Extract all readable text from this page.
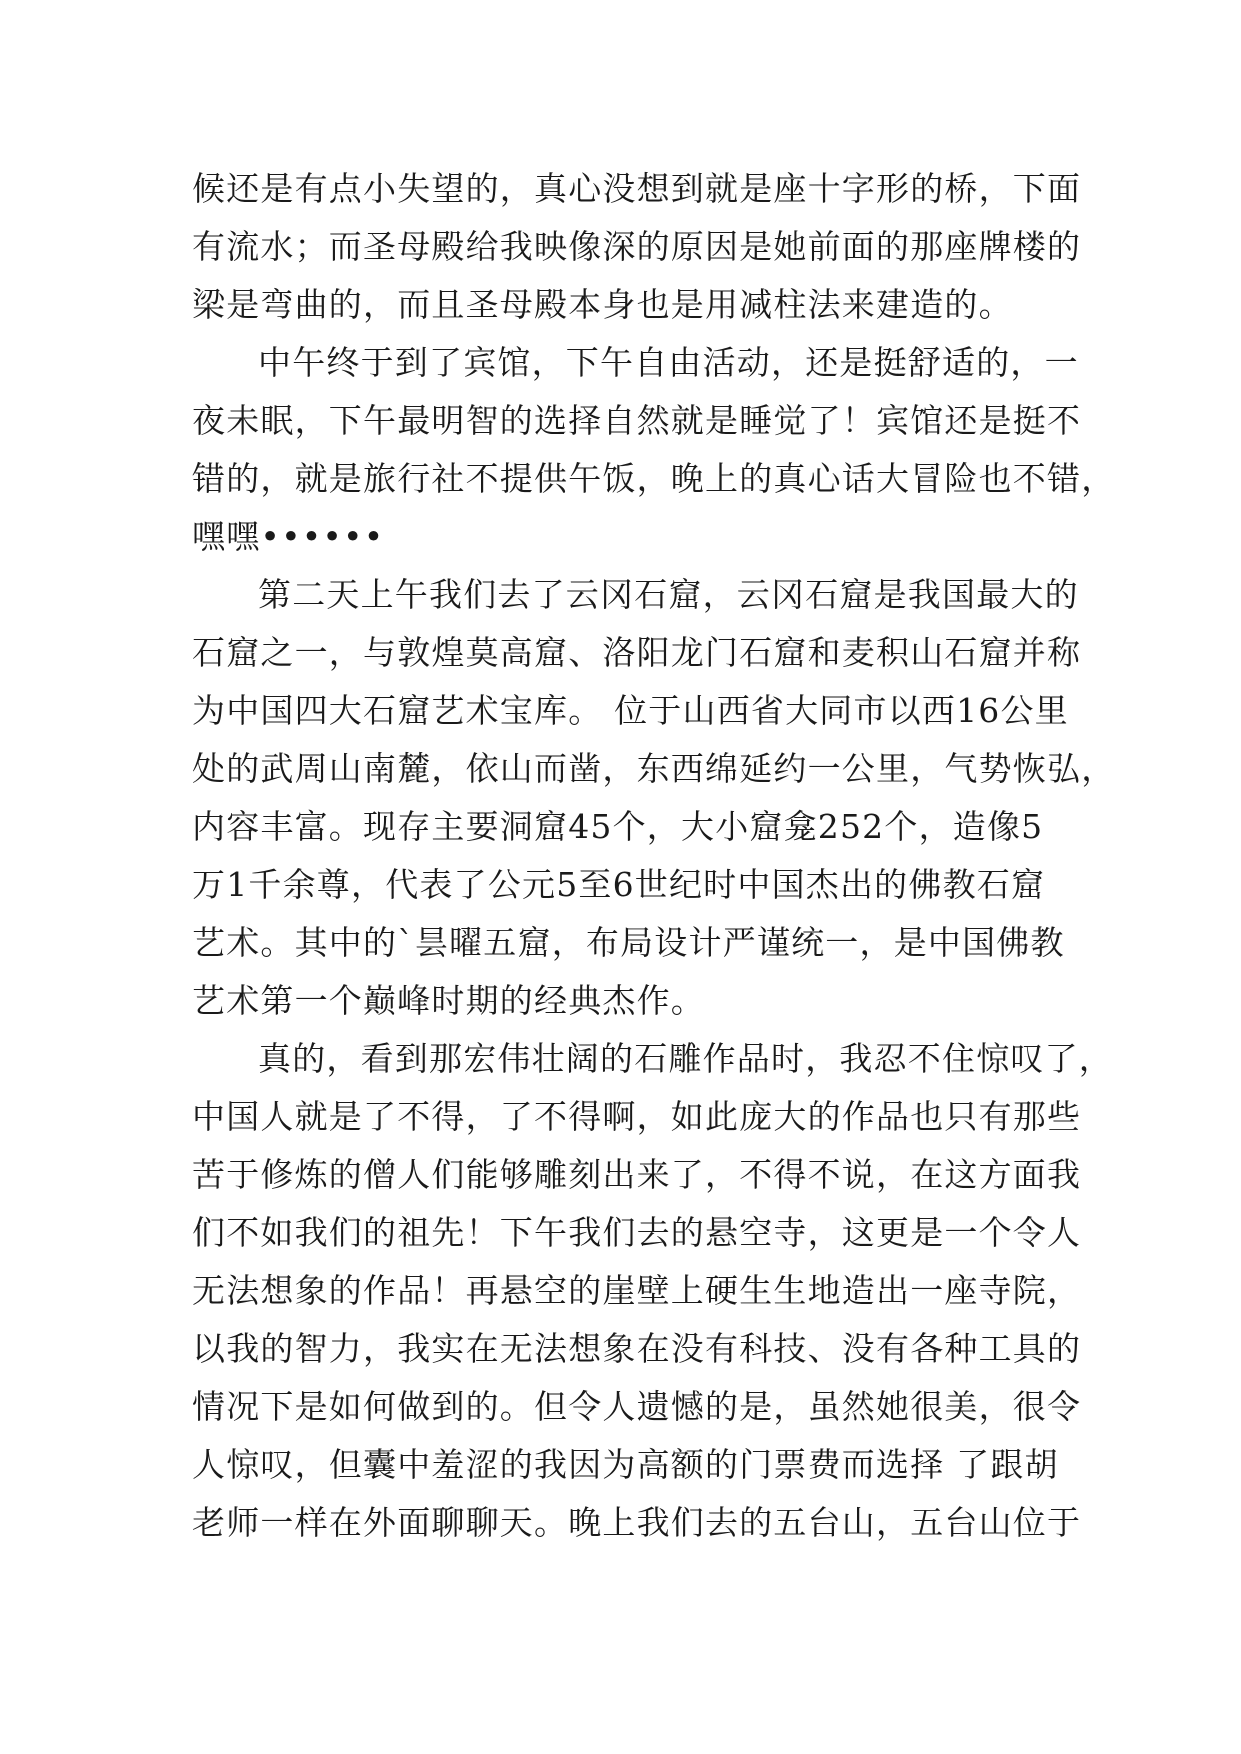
候还是有点小失望的，真心没想到就是座十字形的桥，下面
有流水；而圣母殿给我映像深的原因是她前面的那座牌楼的
梁是弯曲的，而且圣母殿本身也是用减柱法来建造的。
中午终于到了宾馆，下午自由活动，还是挺舒适的，一
夜未眠，下午最明智的选择自然就是睡觉了！宾馆还是挺不
错的，就是旅行社不提供午饭，晚上的真心话大冒险也不错，
嘿嘿••••••
第二天上午我们去了云冈石窟，云冈石窟是我国最大的
石窟之一，与敦煌莫高窟、洛阳龙门石窟和麦积山石窟并称
为中国四大石窟艺术宝库。 位于山西省大同市以西16公里
处的武周山南麓，依山而凿，东西绵延约一公里，气势恢弘，
内容丰富。现存主要洞窟45个，大小窟龛252个，造像5
万1千余尊，代表了公元5至6世纪时中国杰出的佛教石窟
艺术。其中的`昙曜五窟，布局设计严谨统一，是中国佛教
艺术第一个巅峰时期的经典杰作。
真的，看到那宏伟壮阔的石雕作品时，我忍不住惊叹了，
中国人就是了不得，了不得啊，如此庞大的作品也只有那些
苦于修炼的僧人们能够雕刻出来了，不得不说，在这方面我
们不如我们的祖先！下午我们去的悬空寺，这更是一个令人
无法想象的作品！再悬空的崖壁上硬生生地造出一座寺院，
以我的智力，我实在无法想象在没有科技、没有各种工具的
情况下是如何做到的。但令人遗憾的是，虽然她很美，很令
人惊叹，但囊中羞涩的我因为高额的门票费而选择 了跟胡
老师一样在外面聊聊天。晚上我们去的五台山，五台山位于
